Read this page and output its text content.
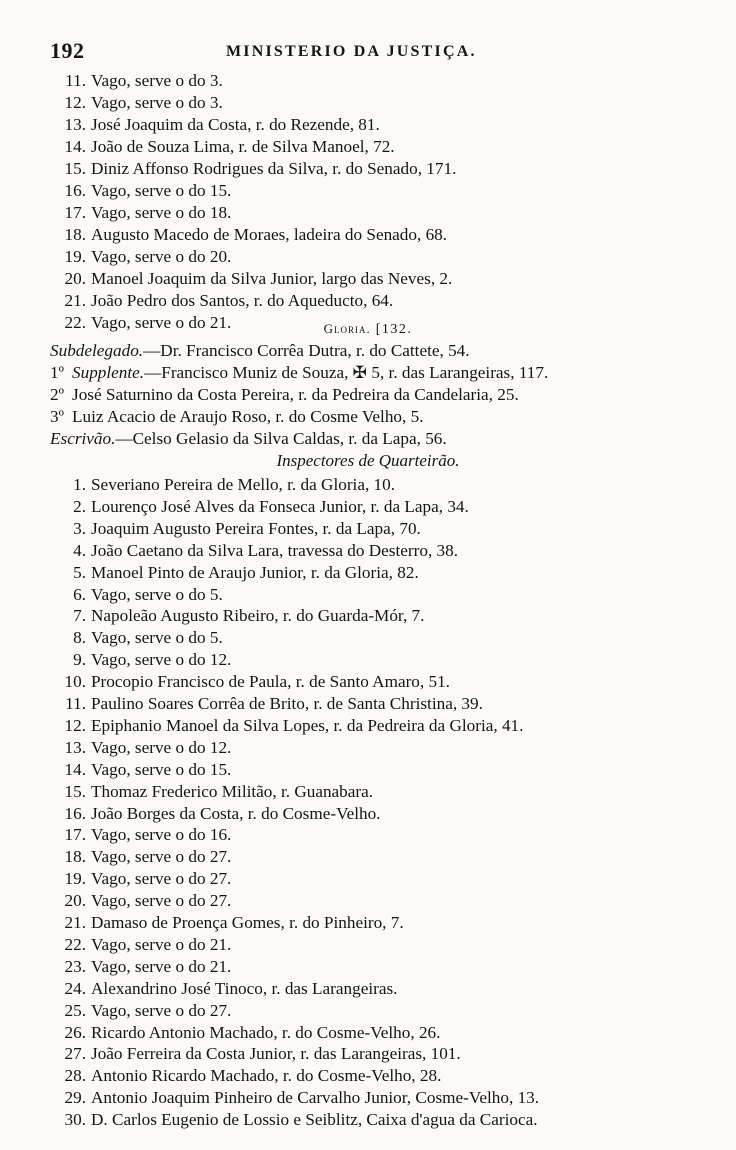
192	MINISTERIO DA JUSTIÇA.
11. Vago, serve o do 3.
12. Vago, serve o do 3.
13. José Joaquim da Costa, r. do Rezende, 81.
14. João de Souza Lima, r. de Silva Manoel, 72.
15. Diniz Affonso Rodrigues da Silva, r. do Senado, 171.
16. Vago, serve o do 15.
17. Vago, serve o do 18.
18. Augusto Macedo de Moraes, ladeira do Senado, 68.
19. Vago, serve o do 20.
20. Manoel Joaquim da Silva Junior, largo das Neves, 2.
21. João Pedro dos Santos, r. do Aqueducto, 64.
22. Vago, serve o do 21.	Gloria. [132.
Subdelegado.—Dr. Francisco Corrêa Dutra, r. do Cattete, 54.
1º Supplente.—Francisco Muniz de Souza, ✠ 5, r. das Larangeiras, 117.
2º José Saturnino da Costa Pereira, r. da Pedreira da Candelaria, 25.
3º Luiz Acacio de Araujo Roso, r. do Cosme Velho, 5.
Escrivão.—Celso Gelasio da Silva Caldas, r. da Lapa, 56.
Inspectores de Quarteirão.
1. Severiano Pereira de Mello, r. da Gloria, 10.
2. Lourenço José Alves da Fonseca Junior, r. da Lapa, 34.
3. Joaquim Augusto Pereira Fontes, r. da Lapa, 70.
4. João Caetano da Silva Lara, travessa do Desterro, 38.
5. Manoel Pinto de Araujo Junior, r. da Gloria, 82.
6. Vago, serve o do 5.
7. Napoleão Augusto Ribeiro, r. do Guarda-Mór, 7.
8. Vago, serve o do 5.
9. Vago, serve o do 12.
10. Procopio Francisco de Paula, r. de Santo Amaro, 51.
11. Paulino Soares Corrêa de Brito, r. de Santa Christina, 39.
12. Epiphanio Manoel da Silva Lopes, r. da Pedreira da Gloria, 41.
13. Vago, serve o do 12.
14. Vago, serve o do 15.
15. Thomaz Frederico Militão, r. Guanabara.
16. João Borges da Costa, r. do Cosme-Velho.
17. Vago, serve o do 16.
18. Vago, serve o do 27.
19. Vago, serve o do 27.
20. Vago, serve o do 27.
21. Damaso de Proença Gomes, r. do Pinheiro, 7.
22. Vago, serve o do 21.
23. Vago, serve o do 21.
24. Alexandrino José Tinoco, r. das Larangeiras.
25. Vago, serve o do 27.
26. Ricardo Antonio Machado, r. do Cosme-Velho, 26.
27. João Ferreira da Costa Junior, r. das Larangeiras, 101.
28. Antonio Ricardo Machado, r. do Cosme-Velho, 28.
29. Antonio Joaquim Pinheiro de Carvalho Junior, Cosme-Velho, 13.
30. D. Carlos Eugenio de Lossio e Seiblitz, Caixa d'agua da Carioca.
